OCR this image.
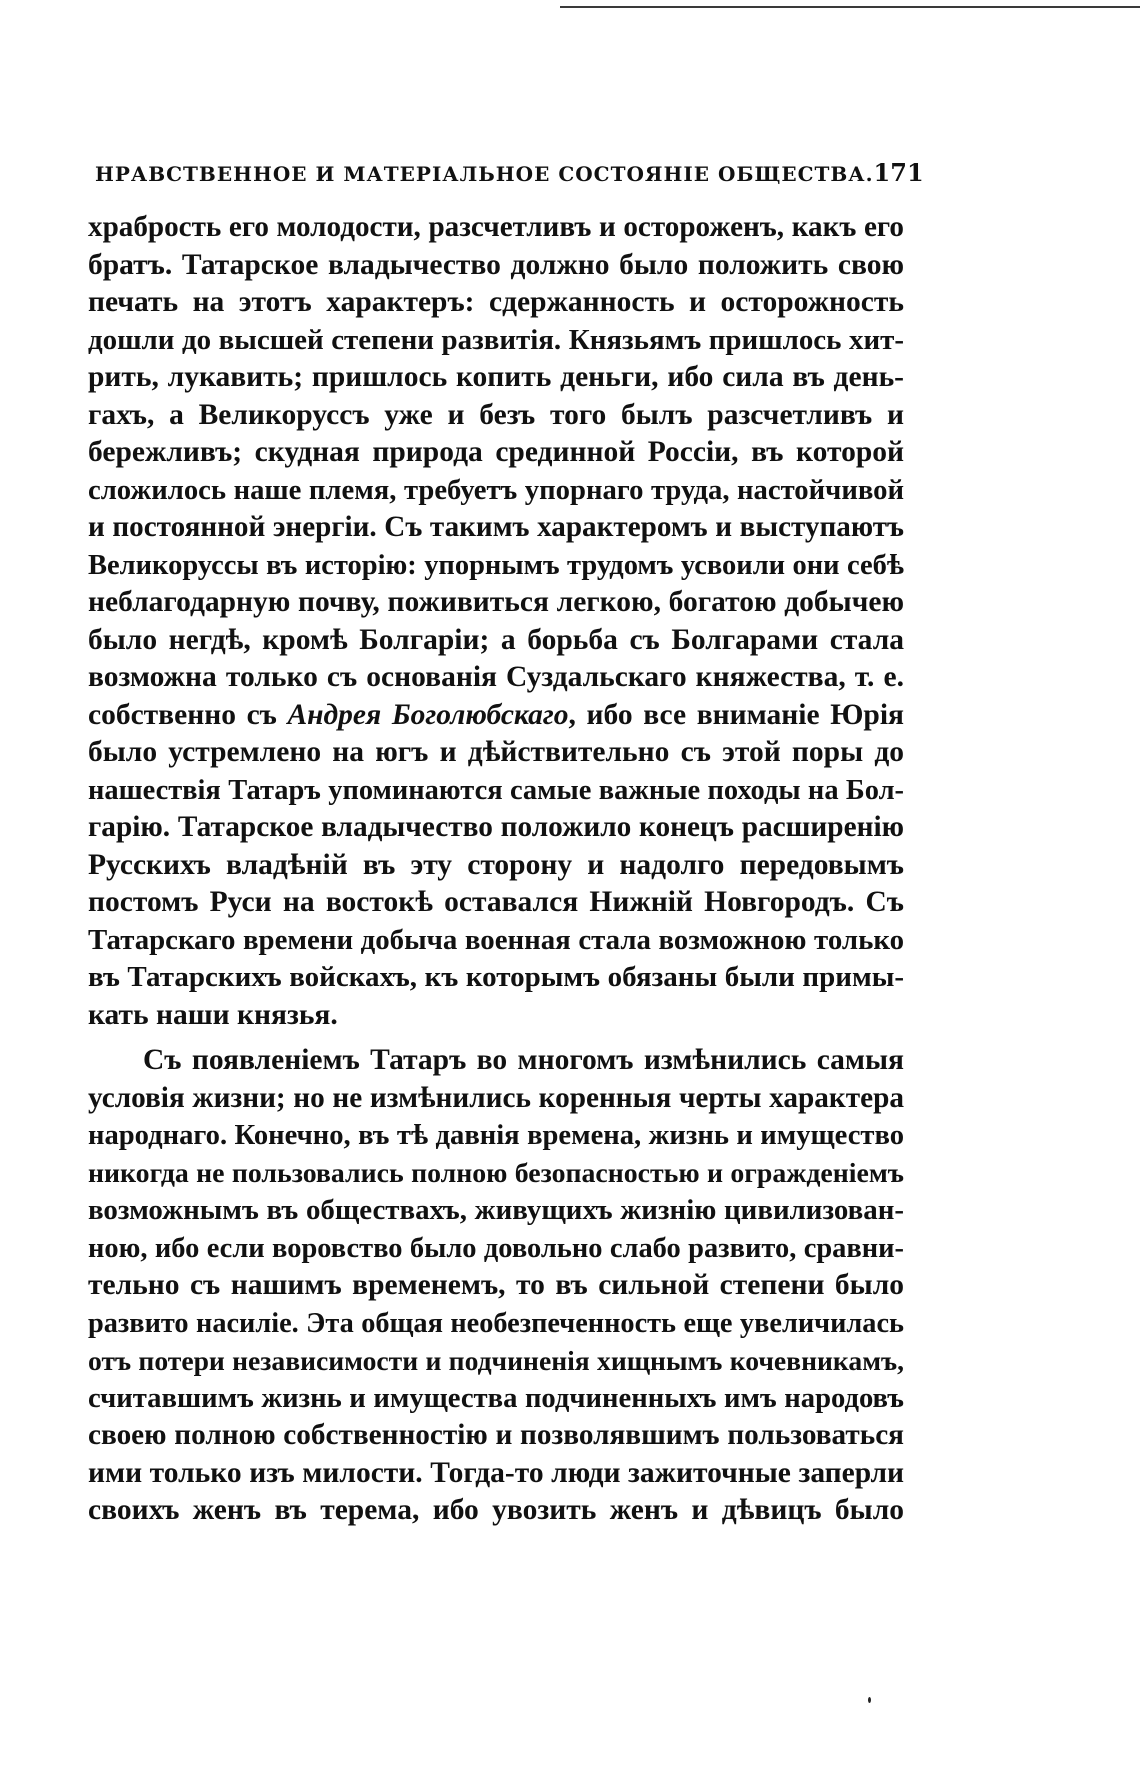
НРАВСТВЕННОЕ И МАТЕРІАЛЬНОЕ СОСТОЯНІЕ ОБЩЕСТВА. 171
храбрость его молодости, разсчетливъ и остороженъ, какъ его
братъ. Татарское владычество должно было положить свою
печать на этотъ характеръ: сдержанность и осторожность
дошли до высшей степени развитія. Князьямъ пришлось хит-
рить, лукавить; пришлось копить деньги, ибо сила въ день-
гахъ, а Великоруссъ уже и безъ того былъ разсчетливъ и
бережливъ; скудная природа срединной Россіи, въ которой
сложилось наше племя, требуетъ упорнаго труда, настойчивой
и постоянной энергіи. Съ такимъ характеромъ и выступаютъ
Великоруссы въ исторію: упорнымъ трудомъ усвоили они себѣ
неблагодарную почву, поживиться легкою, богатою добычею
было негдѣ, кромѣ Болгаріи; а борьба съ Болгарами стала
возможна только съ основанія Суздальскаго княжества, т. е.
собственно съ Андрея Боголюбскаго, ибо все вниманіе Юрія
было устремлено на югъ и дѣйствительно съ этой поры до
нашествія Татаръ упоминаются самые важные походы на Бол-
гарію. Татарское владычество положило конецъ расширенію
Русскихъ владѣній въ эту сторону и надолго передовымъ
постомъ Руси на востокѣ оставался Нижній Новгородъ. Съ
Татарскаго времени добыча военная стала возможною только
въ Татарскихъ войскахъ, къ которымъ обязаны были примы-
кать наши князья.
Съ появленіемъ Татаръ во многомъ измѣнились самыя
условія жизни; но не измѣнились коренныя черты характера
народнаго. Конечно, въ тѣ давнія времена, жизнь и имущество
никогда не пользовались полною безопасностью и огражденіемъ
возможнымъ въ обществахъ, живущихъ жизнію цивилизован-
ною, ибо если воровство было довольно слабо развито, сравни-
тельно съ нашимъ временемъ, то въ сильной степени было
развито насиліе. Эта общая необезпеченность еще увеличилась
отъ потери независимости и подчиненія хищнымъ кочевникамъ,
считавшимъ жизнь и имущества подчиненныхъ имъ народовъ
своею полною собственностію и позволявшимъ пользоваться
ими только изъ милости. Тогда-то люди зажиточные заперли
своихъ женъ въ терема, ибо увозить женъ и дѣвицъ было
